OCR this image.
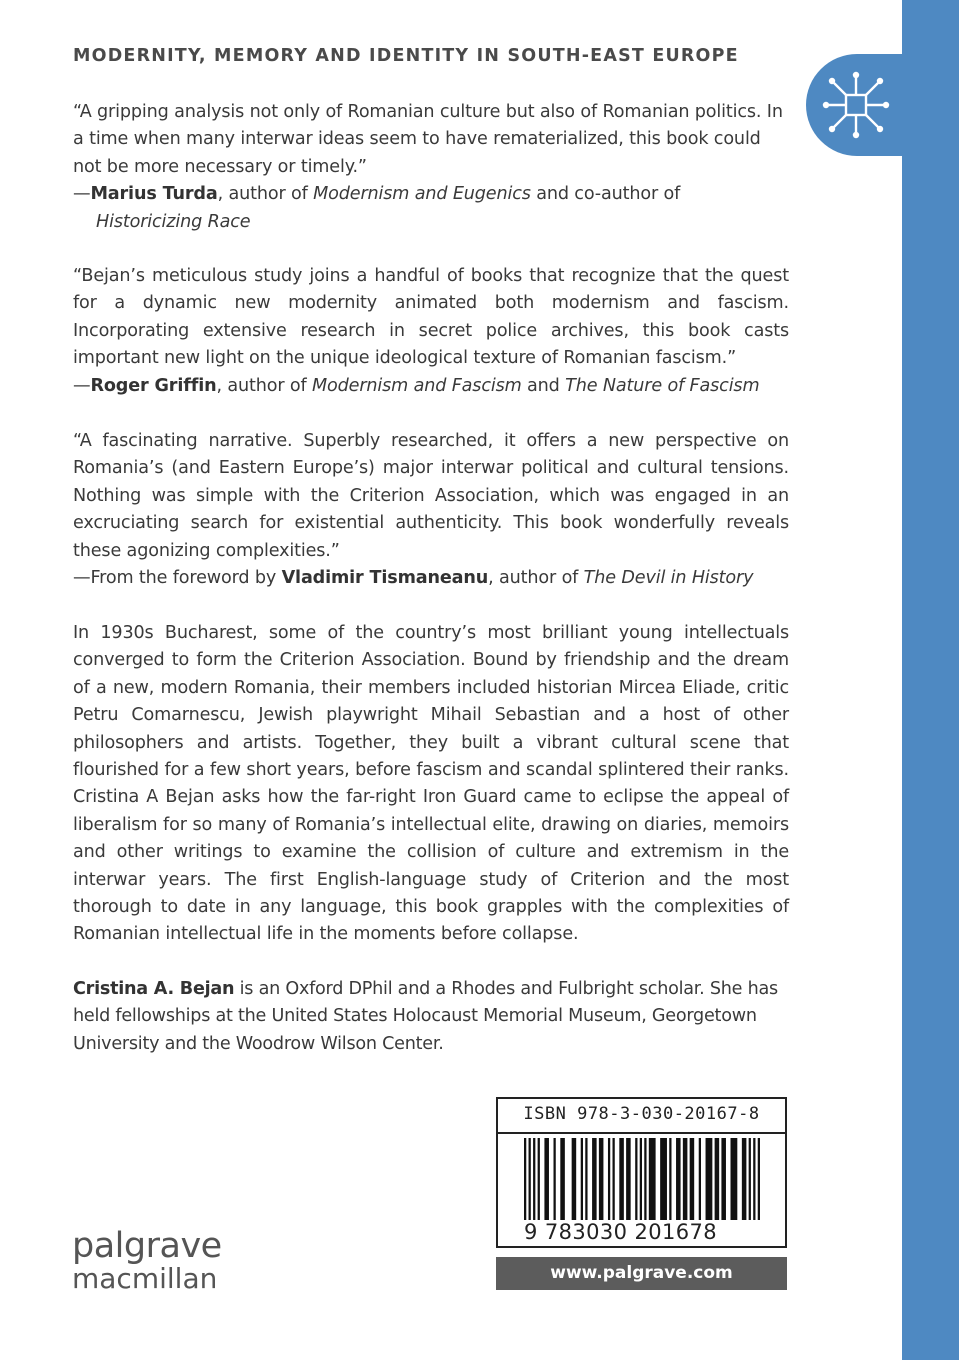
MODERNITY, MEMORY AND IDENTITY IN SOUTH-EAST EUROPE

“A gripping analysis not only of Romanian culture but also of Romanian politics. In a time when many interwar ideas seem to have rematerialized, this book could not be more necessary or timely.”

—Marius Turda, author of Modernism and Eugenics and co-author of
Historicizing Race

“Bejan’s meticulous study joins a handful of books that recognize that the quest for a dynamic new modernity animated both modernism and fascism. Incorporating extensive research in secret police archives, this book casts important new light on the unique ideological texture of Romanian fascism.”

—Roger Griffin, author of Modernism and Fascism and The Nature of Fascism

“A fascinating narrative. Superbly researched, it offers a new perspective on Romania’s (and Eastern Europe’s) major interwar political and cultural tensions. Nothing was simple with the Criterion Association, which was engaged in an excruciating search for existential authenticity. This book wonderfully reveals these agonizing complexities.”

—From the foreword by Vladimir Tismaneanu, author of The Devil in History

In 1930s Bucharest, some of the country’s most brilliant young intellectuals converged to form the Criterion Association. Bound by friendship and the dream of a new, modern Romania, their members included historian Mircea Eliade, critic Petru Comarnescu, Jewish playwright Mihail Sebastian and a host of other philosophers and artists. Together, they built a vibrant cultural scene that flourished for a few short years, before fascism and scandal splintered their ranks. Cristina A Bejan asks how the far-right Iron Guard came to eclipse the appeal of liberalism for so many of Romania’s intellectual elite, drawing on diaries, memoirs and other writings to examine the collision of culture and extremism in the interwar years. The first English-language study of Criterion and the most thorough to date in any language, this book grapples with the complexities of Romanian intellectual life in the moments before collapse.

Cristina A. Bejan is an Oxford DPhil and a Rhodes and Fulbright scholar. She has held fellowships at the United States Holocaust Memorial Museum, Georgetown University and the Woodrow Wilson Center.

ISBN 978-3-030-20167-8
9 783030 201678
www.palgrave.com
palgrave
macmillan
